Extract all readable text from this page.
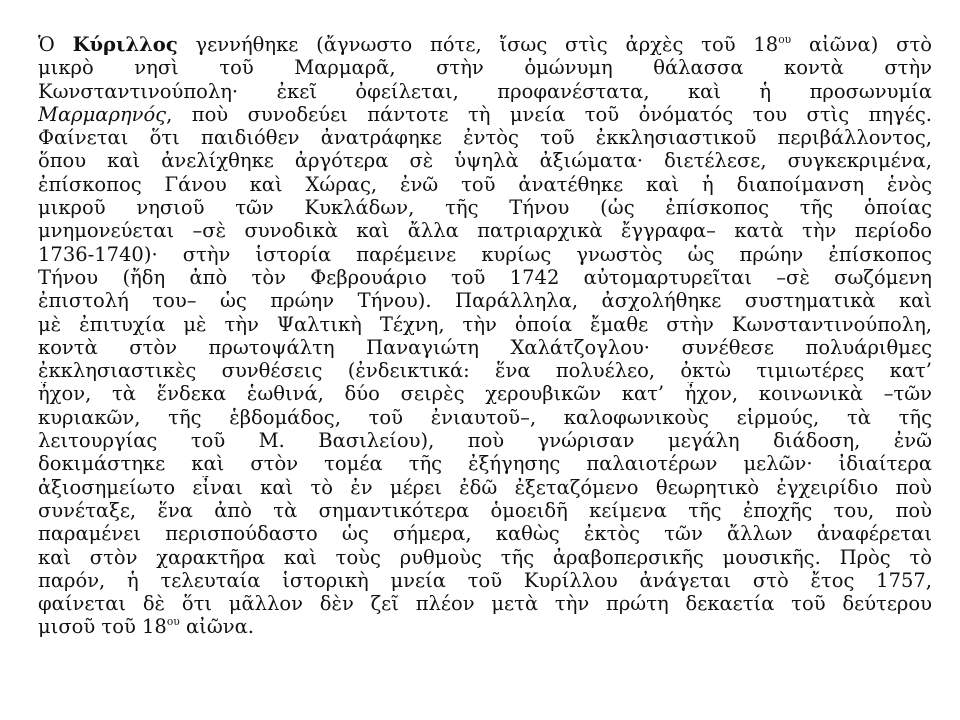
Ὁ Κύριλλος γεννήθηκε (ἄγνωστο πότε, ἴσως στὶς ἀρχὲς τοῦ $18^{o\upsilon}$ αἰῶνα) στὸ
μικρὸ νησὶ τοῦ Μαρμαρᾶ, στὴν ὁμώνυμη θάλασσα κοντὰ στὴν
Κωνσταντινούπολη· ἐκεῖ ὀφείλεται, προφανέστατα, καὶ ἡ προσωνυμία
Μαρμαρηνός, ποὺ συνοδεύει πάντοτε τὴ μνεία τοῦ ὀνόματός του στὶς πηγές.
Φαίνεται ὅτι παιδιόθεν ἀνατράφηκε ἐντὸς τοῦ ἐκκλησιαστικοῦ περιβάλλοντος,
ὅπου καὶ ἀνελίχθηκε ἀργότερα σὲ ὑψηλὰ ἀξιώματα· διετέλεσε, συγκεκριμένα,
ἐπίσκοπος Γάνου καὶ Χώρας, ἐνῶ τοῦ ἀνατέθηκε καὶ ἡ διαποίμανση ἑνὸς
μικροῦ νησιοῦ τῶν Κυκλάδων, τῆς Τήνου (ὡς ἐπίσκοπος τῆς ὁποίας
μνημονεύεται –σὲ συνοδικὰ καὶ ἄλλα πατριαρχικὰ ἔγγραφα– κατὰ τὴν περίοδο
1736-1740)· στὴν ἱστορία παρέμεινε κυρίως γνωστὸς ὡς πρώην ἐπίσκοπος
Τήνου (ἤδη ἀπὸ τὸν Φεβρουάριο τοῦ 1742 αὐτομαρτυρεῖται –σὲ σωζόμενη
ἐπιστολή του– ὡς πρώην Τήνου). Παράλληλα, ἀσχολήθηκε συστηματικὰ καὶ
μὲ ἐπιτυχία μὲ τὴν Ψαλτικὴ Τέχνη, τὴν ὁποία ἔμαθε στὴν Κωνσταντινούπολη,
κοντὰ στὸν πρωτοψάλτη Παναγιώτη Χαλάτζογλου· συνέθεσε πολυάριθμες
ἐκκλησιαστικὲς συνθέσεις (ἐνδεικτικά: ἕνα πολυέλεο, ὀκτὼ τιμιωτέρες κατ’
ἦχον, τὰ ἕνδεκα ἑωθινά, δύο σειρὲς χερουβικῶν κατ’ ἦχον, κοινωνικὰ –τῶν
κυριακῶν, τῆς ἑβδομάδος, τοῦ ἐνιαυτοῦ–, καλοφωνικοὺς εἱρμούς, τὰ τῆς
λειτουργίας τοῦ Μ. Βασιλείου), ποὺ γνώρισαν μεγάλη διάδοση, ἐνῶ
δοκιμάστηκε καὶ στὸν τομέα τῆς ἐξήγησης παλαιοτέρων μελῶν· ἰδιαίτερα
ἀξιοσημείωτο εἶναι καὶ τὸ ἐν μέρει ἐδῶ ἐξεταζόμενο θεωρητικὸ ἐγχειρίδιο ποὺ
συνέταξε, ἕνα ἀπὸ τὰ σημαντικότερα ὁμοειδῆ κείμενα τῆς ἐποχῆς του, ποὺ
παραμένει περισπούδαστο ὡς σήμερα, καθὼς ἐκτὸς τῶν ἄλλων ἀναφέρεται
καὶ στὸν χαρακτῆρα καὶ τοὺς ρυθμοὺς τῆς ἀραβοπερσικῆς μουσικῆς. Πρὸς τὸ
παρόν, ἡ τελευταία ἱστορικὴ μνεία τοῦ Κυρίλλου ἀνάγεται στὸ ἔτος 1757,
φαίνεται δὲ ὅτι μᾶλλον δὲν ζεῖ πλέον μετὰ τὴν πρώτη δεκαετία τοῦ δεύτερου
μισοῦ τοῦ $18^{o\upsilon}$ αἰῶνα.
